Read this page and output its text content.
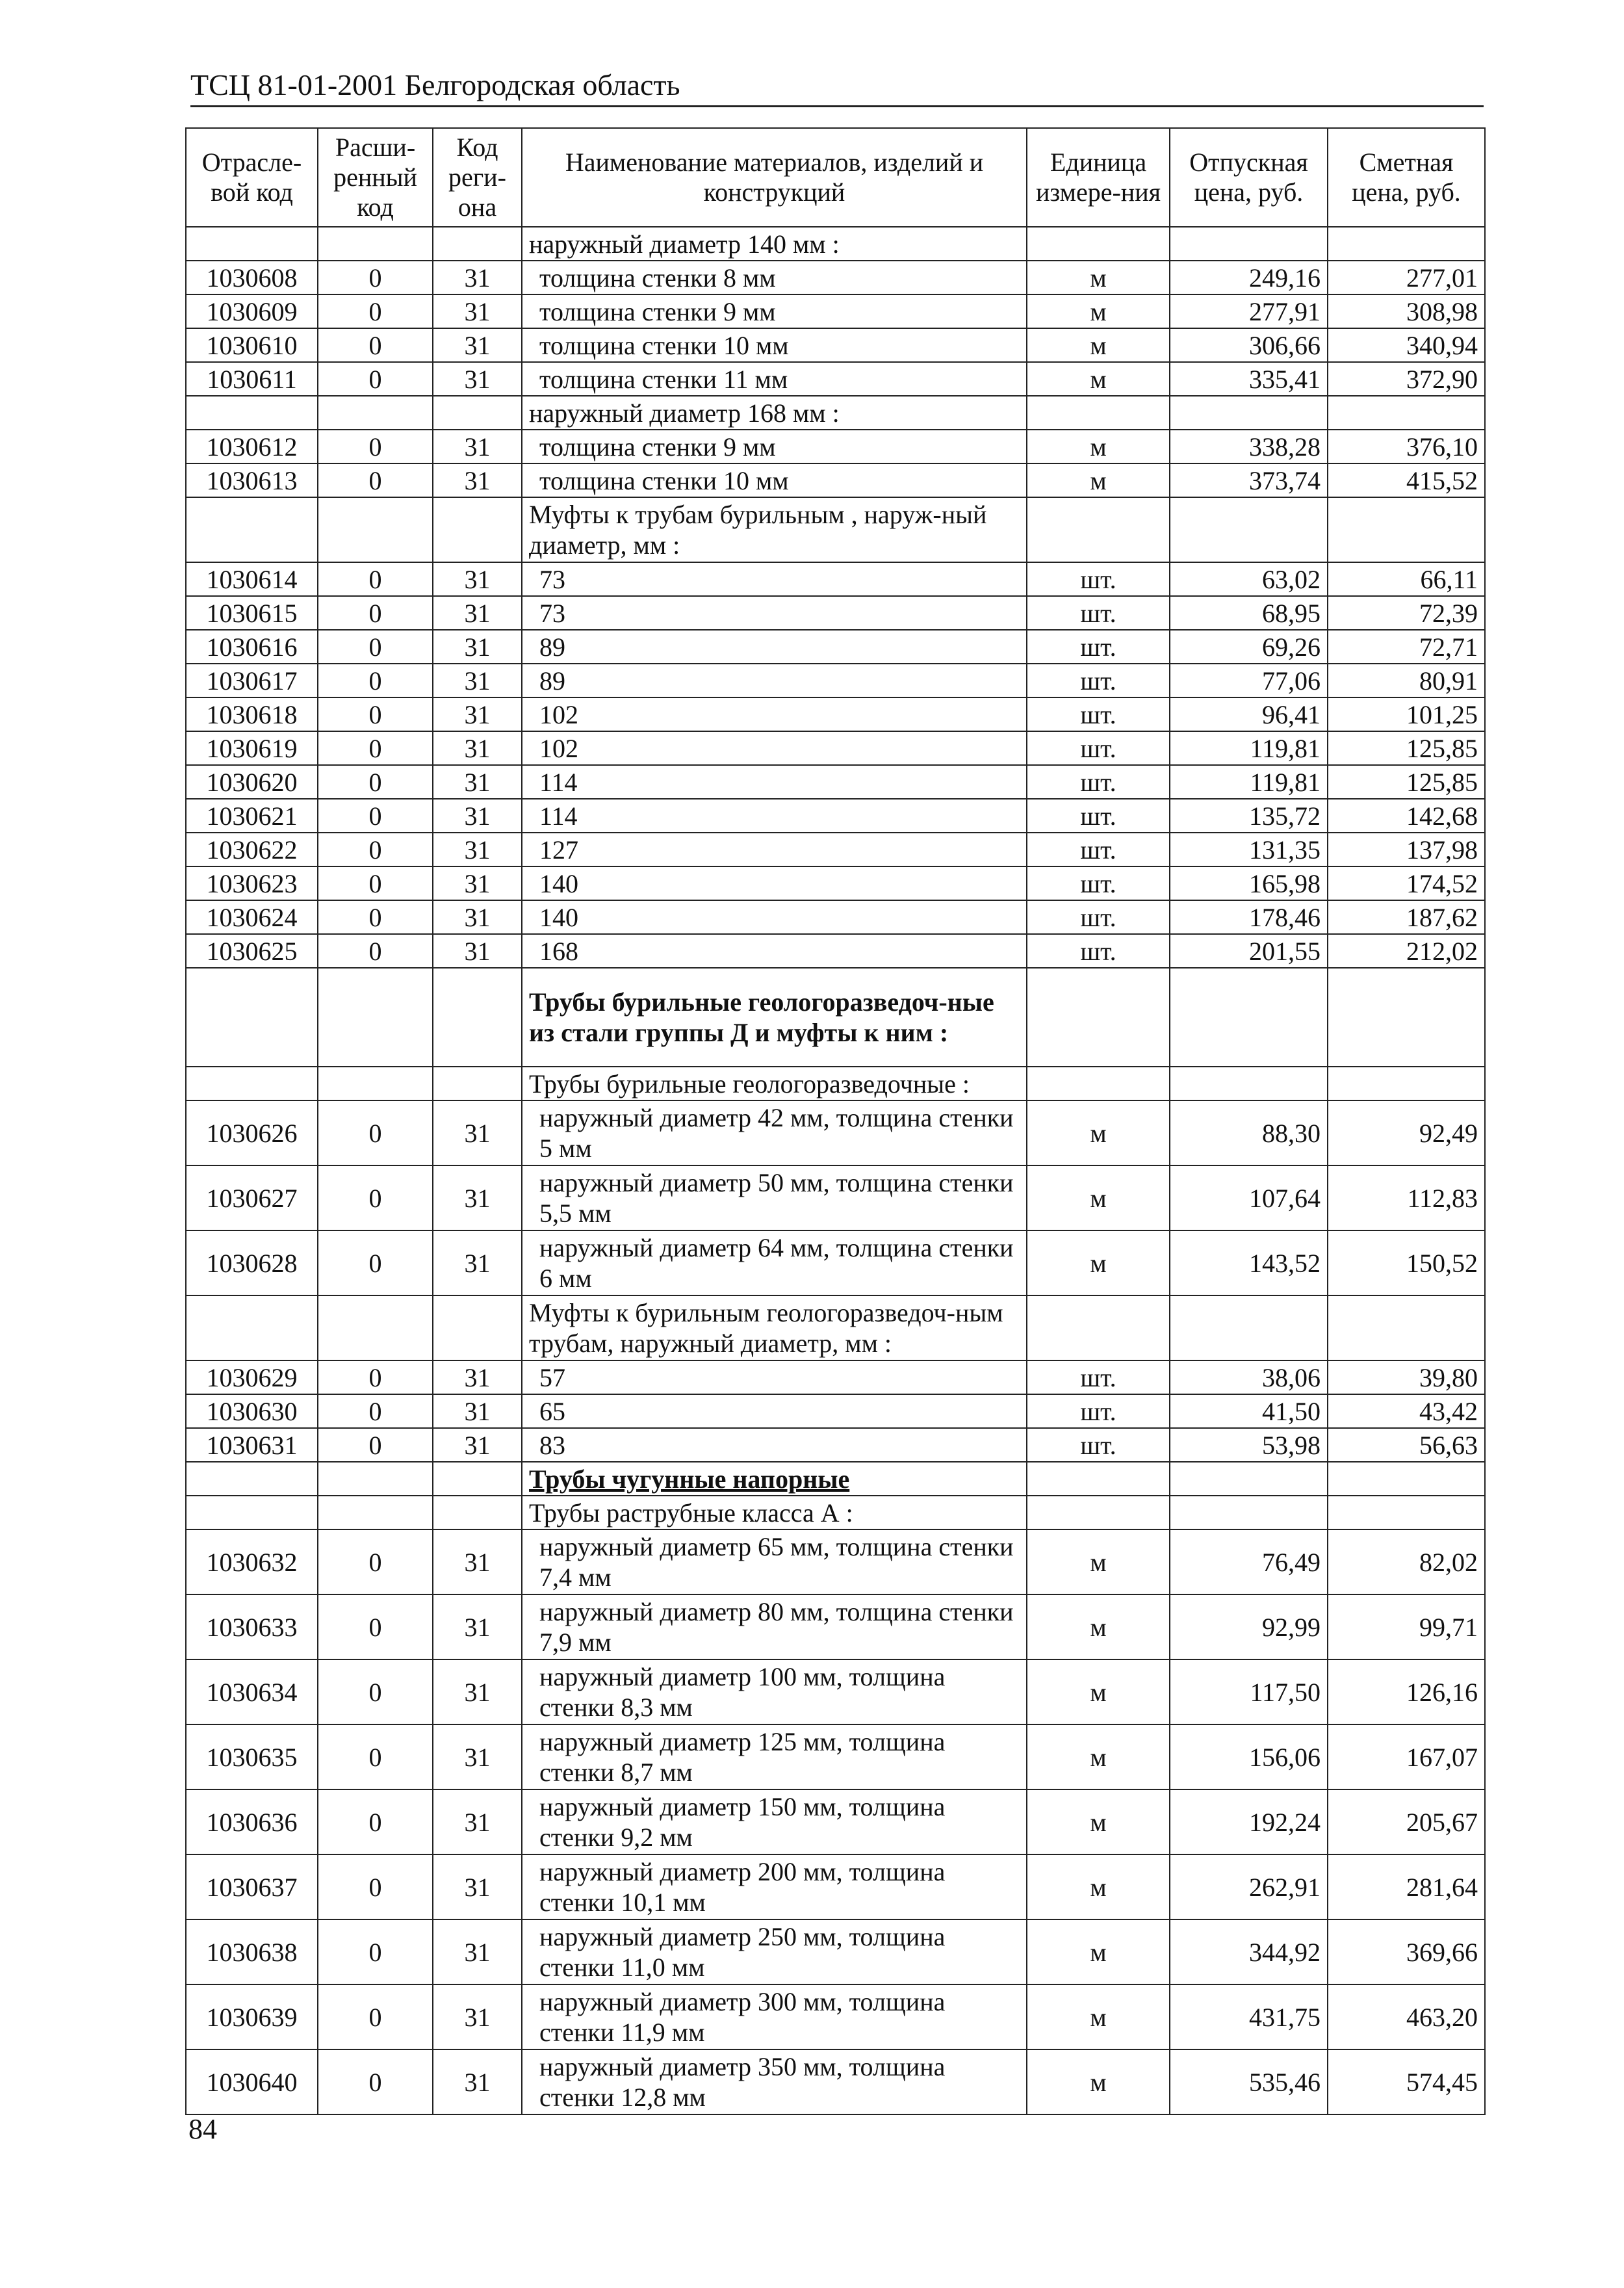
ТСЦ 81-01-2001 Белгородская область
Отрасле-вой код	Расши-ренный код	Код реги-она	Наименование материалов, изделий и конструкций	Единица измере-ния	Отпускная цена, руб.	Сметная цена, руб.
			наружный диаметр 140 мм :			
1030608	0	31	толщина стенки 8 мм	м	249,16	277,01
1030609	0	31	толщина стенки 9 мм	м	277,91	308,98
1030610	0	31	толщина стенки 10 мм	м	306,66	340,94
1030611	0	31	толщина стенки 11 мм	м	335,41	372,90
			наружный диаметр 168 мм :			
1030612	0	31	толщина стенки 9 мм	м	338,28	376,10
1030613	0	31	толщина стенки 10 мм	м	373,74	415,52
			Муфты к трубам бурильным , наруж-ный диаметр, мм :			
1030614	0	31	73	шт.	63,02	66,11
1030615	0	31	73	шт.	68,95	72,39
1030616	0	31	89	шт.	69,26	72,71
1030617	0	31	89	шт.	77,06	80,91
1030618	0	31	102	шт.	96,41	101,25
1030619	0	31	102	шт.	119,81	125,85
1030620	0	31	114	шт.	119,81	125,85
1030621	0	31	114	шт.	135,72	142,68
1030622	0	31	127	шт.	131,35	137,98
1030623	0	31	140	шт.	165,98	174,52
1030624	0	31	140	шт.	178,46	187,62
1030625	0	31	168	шт.	201,55	212,02
			Трубы бурильные геологоразведоч-ные из стали группы Д и муфты к ним :			
			Трубы бурильные геологоразведочные :			
1030626	0	31	наружный диаметр 42 мм, толщина стенки 5 мм	м	88,30	92,49
1030627	0	31	наружный диаметр 50 мм, толщина стенки 5,5 мм	м	107,64	112,83
1030628	0	31	наружный диаметр 64 мм, толщина стенки 6 мм	м	143,52	150,52
			Муфты к бурильным геологоразведоч-ным трубам, наружный диаметр, мм :			
1030629	0	31	57	шт.	38,06	39,80
1030630	0	31	65	шт.	41,50	43,42
1030631	0	31	83	шт.	53,98	56,63
			Трубы чугунные напорные			
			Трубы раструбные класса А :			
1030632	0	31	наружный диаметр 65 мм, толщина стенки 7,4 мм	м	76,49	82,02
1030633	0	31	наружный диаметр 80 мм, толщина стенки 7,9 мм	м	92,99	99,71
1030634	0	31	наружный диаметр 100 мм, толщина стенки 8,3 мм	м	117,50	126,16
1030635	0	31	наружный диаметр 125 мм, толщина стенки 8,7 мм	м	156,06	167,07
1030636	0	31	наружный диаметр 150 мм, толщина стенки 9,2 мм	м	192,24	205,67
1030637	0	31	наружный диаметр 200 мм, толщина стенки 10,1 мм	м	262,91	281,64
1030638	0	31	наружный диаметр 250 мм, толщина стенки 11,0 мм	м	344,92	369,66
1030639	0	31	наружный диаметр 300 мм, толщина стенки 11,9 мм	м	431,75	463,20
1030640	0	31	наружный диаметр 350 мм, толщина стенки 12,8 мм	м	535,46	574,45
84
